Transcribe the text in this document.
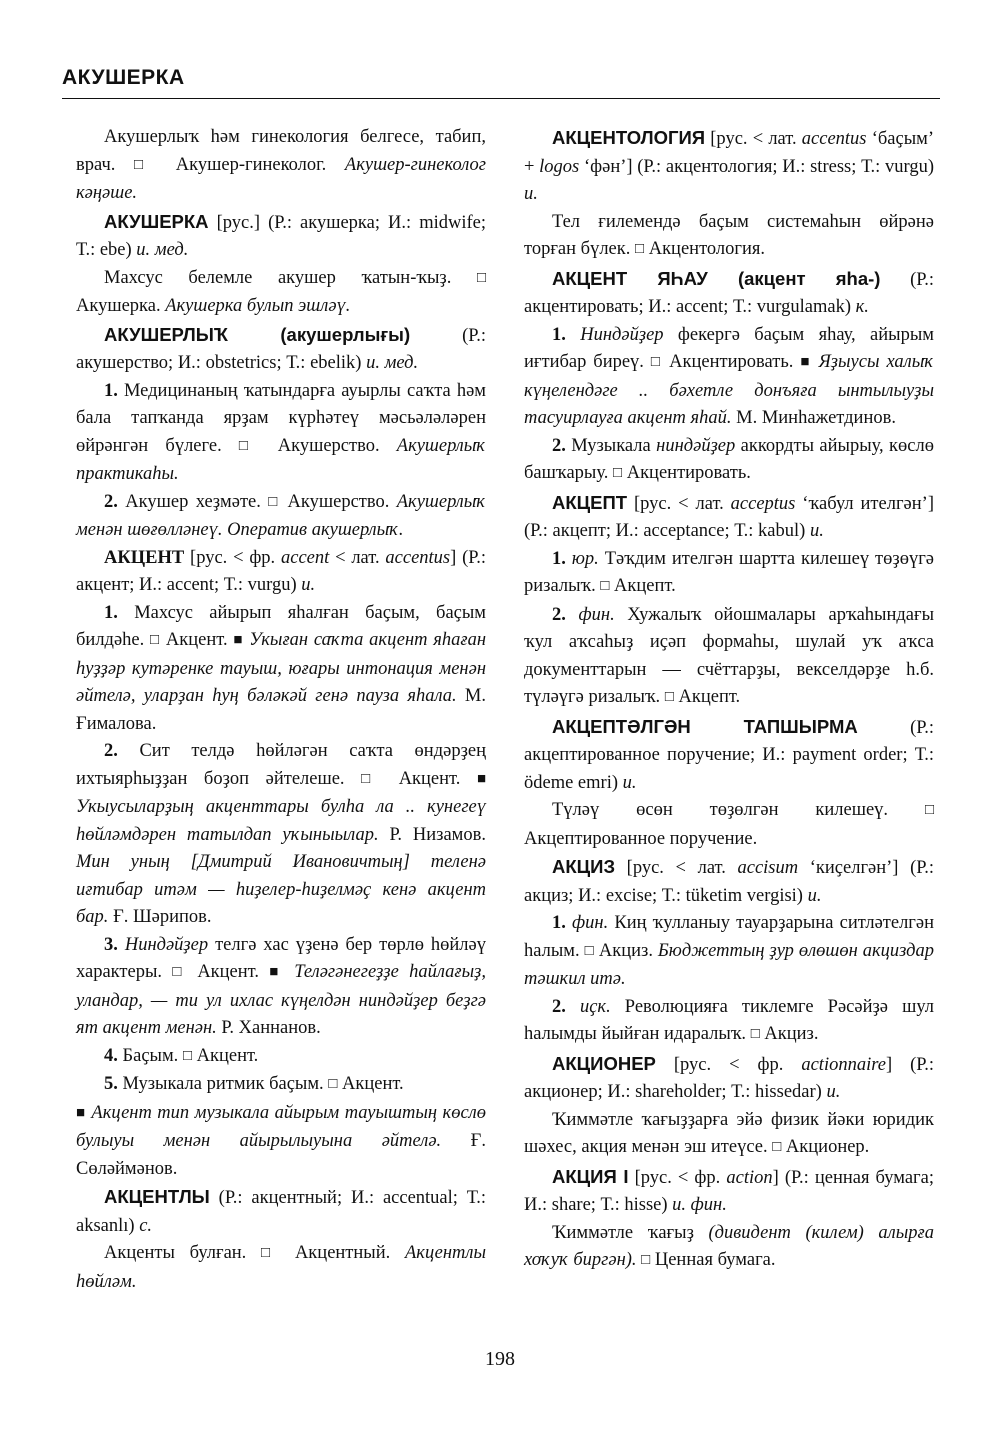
АКУШЕРКА

Акушерлыҡ һәм гинекология белгесе, табип, врач. □ Акушер-гинеколог. Акушер-гинеколог кәңәше.

АКУШЕРКА [рус.] (Р.: акушерка; И.: midwife; Т.: ebe) и. мед.

Махсус белемле акушер ҡатын-ҡыҙ. □ Акушерка. Акушерка булып эшләү.

АКУШЕРЛЫҠ (акушерлығы) (Р.: акушерство; И.: obstetrics; Т.: ebelik) и. мед.

1. Медицинаның ҡатындарға ауырлы саҡта һәм бала тапҡанда ярҙам күрһәтеү мәсьәләләрен өйрәнгән бүлеге. □ Акушерство. Акушерлыҡ практикаһы.

2. Акушер хеҙмәте. □ Акушерство. Акушерлыҡ менән шөғөлләнеү. Оператив акушерлыҡ.

АКЦЕНТ [рус. < фр. accent < лат. accentus] (Р.: акцент; И.: accent; Т.: vurgu) и.

1. Махсус айырып яһалған баҫым, баҫым билдәһе. □ Акцент. ■ Укыған саҡта акцент яһаған һуҙҙәр кутәренке тауыш, юғары интонация менән әйтелә, уларҙан һуң бәләкәй генә пауза яһала. М. Ғималова.

2. Сит телдә һөйләгән саҡта өндәрҙең ихтыярһыҙҙан боҙоп әйтелеше. □ Акцент. ■ Укыусыларҙың акценттары булһа ла .. кунегеү һөйләмдәрен татылдап уҡыныылар. Р. Низамов. Мин уның [Дмитрий Ивановичтың] теленә иғтибар итәм — һиҙелер-һиҙелмәҫ кенә акцент бар. Ғ. Шәрипов.

3. Ниндәйҙер телгә хас үҙенә бер төрлө һөйләү характеры. □ Акцент. ■ Телəгəнегеҙҙе һайлағыҙ, уландар, — ти ул ихлас күңелдән ниндәйҙер беҙгә ят акцент менән. Р. Ханнанов.

4. Баҫым. □ Акцент.

5. Музыкала ритмик баҫым. □ Акцент.

■ Акцент тип музыкала айырым тауыштың көслө булыуы менән айырылыуына әйтелә. Ғ. Сөләймәнов.

АКЦЕНТЛЫ (Р.: акцентный; И.: accentual; Т.: aksanlı) с.

Акценты булған. □ Акцентный. Акцентлы һөйләм.

АКЦЕНТОЛОГИЯ [рус. < лат. accentus ‘баҫым’ + logos ‘фән’] (Р.: акцентология; И.: stress; Т.: vurgu) и.

Тел ғилемендә баҫым системаһын өйрәнә торған бүлек. □ Акцентология.

АКЦЕНТ ЯҺАУ (акцент яһа-) (Р.: акцентировать; И.: accent; Т.: vurgulamak) к.

1. Ниндәйҙер фекергә баҫым яһау, айырым иғтибар биреү. □ Акцентировать. ■ Яҙыусы халыҡ күңелендәге .. бәхетле донъяға ынтылыуҙы тасуирлауға акцент яһай. М. Минһажетдинов.

2. Музыкала ниндәйҙер аккордты айырыу, көслө башҡарыу. □ Акцентировать.

АКЦЕПТ [рус. < лат. acceptus ‘ҡабул ителгән’] (Р.: акцепт; И.: acceptance; Т.: kabul) и.

1. юр. Тәҡдим ителгән шартта килешеү төҙөүгә ризалыҡ. □ Акцепт.

2. фин. Хужалыҡ ойошмалары арҡаһындағы ҡул аҡсаһыҙ иҫәп формаһы, шулай уҡ аҡса документтарын — счёттарҙы, векселдәрҙе һ.б. түләүгә ризалыҡ. □ Акцепт.

АКЦЕПТӘЛГӘН ТАПШЫРМА (Р.: акцептированное поручение; И.: payment order; Т.: ödeme emri) и.

Түләү өсөн төҙөлгән килешеү. □ Акцептированное поручение.

АКЦИЗ [рус. < лат. accisum ‘киҫелгән’] (Р.: акциз; И.: excise; Т.: tüketim vergisi) и.

1. фин. Киң ҡулланыу тауарҙарына ситләтелгән һалым. □ Акциз. Бюджеттың ҙур өлөшөн акциздар тәшкил итә.

2. иҫк. Революцияға тиклемге Рәсәйҙә шул һалымды йыйған идаралыҡ. □ Акциз.

АКЦИОНЕР [рус. < фр. actionnaire] (Р.: акционер; И.: shareholder; Т.: hissedar) и.

Ҡиммәтле ҡағыҙҙарға эйә физик йәки юридик шәхес, акция менән эш итеүсе. □ Акционер.

АКЦИЯ I [рус. < фр. action] (Р.: ценная бумага; И.: share; Т.: hisse) и. фин.

Ҡиммәтле ҡағыҙ (дивидент (килем) алырға хоҡуҡ биргән). □ Ценная бумага.

198
